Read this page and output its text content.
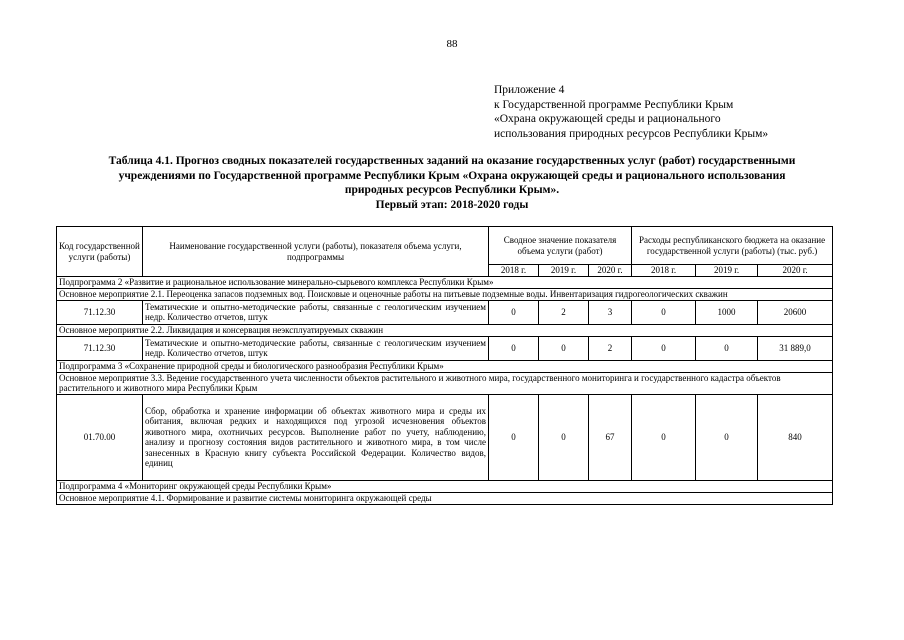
88
Приложение 4
к Государственной программе Республики Крым
«Охрана окружающей среды и рационального
использования природных ресурсов Республики Крым»
Таблица 4.1. Прогноз сводных показателей государственных заданий на оказание государственных услуг (работ) государственными
учреждениями по Государственной программе Республики Крым «Охрана окружающей среды и рационального использования
природных ресурсов Республики Крым».
Первый этап: 2018-2020 годы
Код государственной услуги (работы)	Наименование государственной услуги (работы), показателя объема услуги, подпрограммы	Сводное значение показателя объема услуги (работ)			Расходы республиканского бюджета на оказание государственной услуги (работы) (тыс. руб.)		
		2018 г.	2019 г.	2020 г.	2018 г.	2019 г.	2020 г.
Подпрограмма 2 «Развитие и рациональное использование минерально-сырьевого комплекса Республики Крым»							
Основное мероприятие 2.1. Переоценка запасов подземных вод. Поисковые и оценочные работы на питьевые подземные воды. Инвентаризация гидрогеологических скважин							
71.12.30	Тематические и опытно-методические работы, связанные с геологическим изучением недр. Количество отчетов, штук	0	2	3	0	1000	20600
Основное мероприятие 2.2. Ликвидация и консервация неэксплуатируемых скважин							
71.12.30	Тематические и опытно-методические работы, связанные с геологическим изучением недр. Количество отчетов, штук	0	0	2	0	0	31 889,0
Подпрограмма 3 «Сохранение природной среды и биологического разнообразия Республики Крым»							
Основное мероприятие 3.3. Ведение государственного учета численности объектов растительного и животного мира, государственного мониторинга и государственного кадастра объектов растительного и животного мира Республики Крым							
01.70.00	Сбор, обработка и хранение информации об объектах животного мира и среды их обитания, включая редких и находящихся под угрозой исчезновения объектов животного мира, охотничьих ресурсов. Выполнение работ по учету, наблюдению, анализу и прогнозу состояния видов растительного и животного мира, в том числе занесенных в Красную книгу субъекта Российской Федерации. Количество видов, единиц	0	0	67	0	0	840
Подпрограмма 4 «Мониторинг окружающей среды Республики Крым»							
Основное мероприятие 4.1. Формирование и развитие системы мониторинга окружающей среды							
